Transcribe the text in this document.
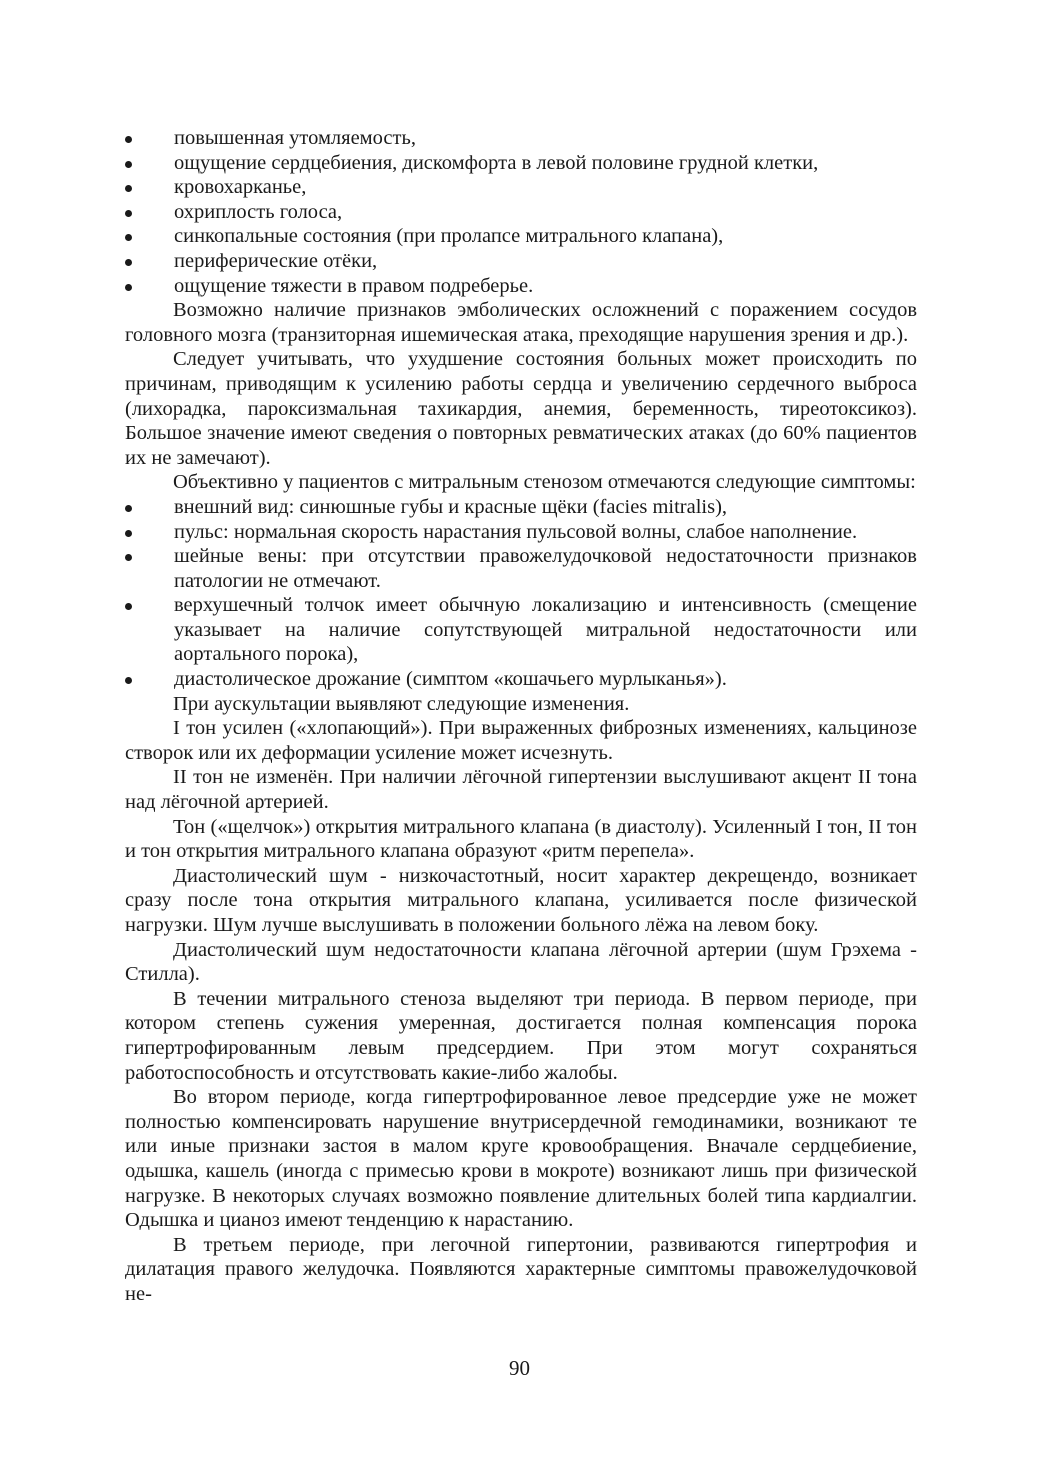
повышенная утомляемость,
ощущение сердцебиения, дискомфорта в левой половине грудной клетки,
кровохарканье,
охриплость голоса,
синкопальные состояния (при пролапсе митрального клапана),
периферические отёки,
ощущение тяжести в правом подреберье.

Возможно наличие признаков эмболических осложнений с поражением сосудов головного мозга (транзиторная ишемическая атака, преходящие нарушения зрения и др.).

Следует учитывать, что ухудшение состояния больных может происходить по причинам, приводящим к усилению работы сердца и увеличению сердечного выброса (лихорадка, пароксизмальная тахикардия, анемия, беременность, тиреотоксикоз). Большое значение имеют сведения о повторных ревматических атаках (до 60% пациентов их не замечают).

Объективно у пациентов с митральным стенозом отмечаются следующие симптомы:

внешний вид: синюшные губы и красные щёки (facies mitralis),
пульс: нормальная скорость нарастания пульсовой волны, слабое наполнение.
шейные вены: при отсутствии правожелудочковой недостаточности признаков патологии не отмечают.
верхушечный толчок имеет обычную локализацию и интенсивность (смещение указывает на наличие сопутствующей митральной недостаточности или аортального порока),
диастолическое дрожание (симптом «кошачьего мурлыканья»).

При аускультации выявляют следующие изменения.

I тон усилен («хлопающий»). При выраженных фиброзных изменениях, кальцинозе створок или их деформации усиление может исчезнуть.

II тон не изменён. При наличии лёгочной гипертензии выслушивают акцент II тона над лёгочной артерией.

Тон («щелчок») открытия митрального клапана (в диастолу). Усиленный I тон, II тон и тон открытия митрального клапана образуют «ритм перепела».

Диастолический шум - низкочастотный, носит характер декрещендо, возникает сразу после тона открытия митрального клапана, усиливается после физической нагрузки. Шум лучше выслушивать в положении больного лёжа на левом боку.

Диастолический шум недостаточности клапана лёгочной артерии (шум Грэхема - Стилла).

В течении митрального стеноза выделяют три периода. В первом периоде, при котором степень сужения умеренная, достигается полная компенсация порока гипертрофированным левым предсердием. При этом могут сохраняться работоспособность и отсутствовать какие-либо жалобы.

Во втором периоде, когда гипертрофированное левое предсердие уже не может полностью компенсировать нарушение внутрисердечной гемодинамики, возникают те или иные признаки застоя в малом круге кровообращения. Вначале сердцебиение, одышка, кашель (иногда с примесью крови в мокроте) возникают лишь при физической нагрузке. В некоторых случаях возможно появление длительных болей типа кардиалгии. Одышка и цианоз имеют тенденцию к нарастанию.

В третьем периоде, при легочной гипертонии, развиваются гипертрофия и дилатация правого желудочка. Появляются характерные симптомы правожелудочковой не-

90
